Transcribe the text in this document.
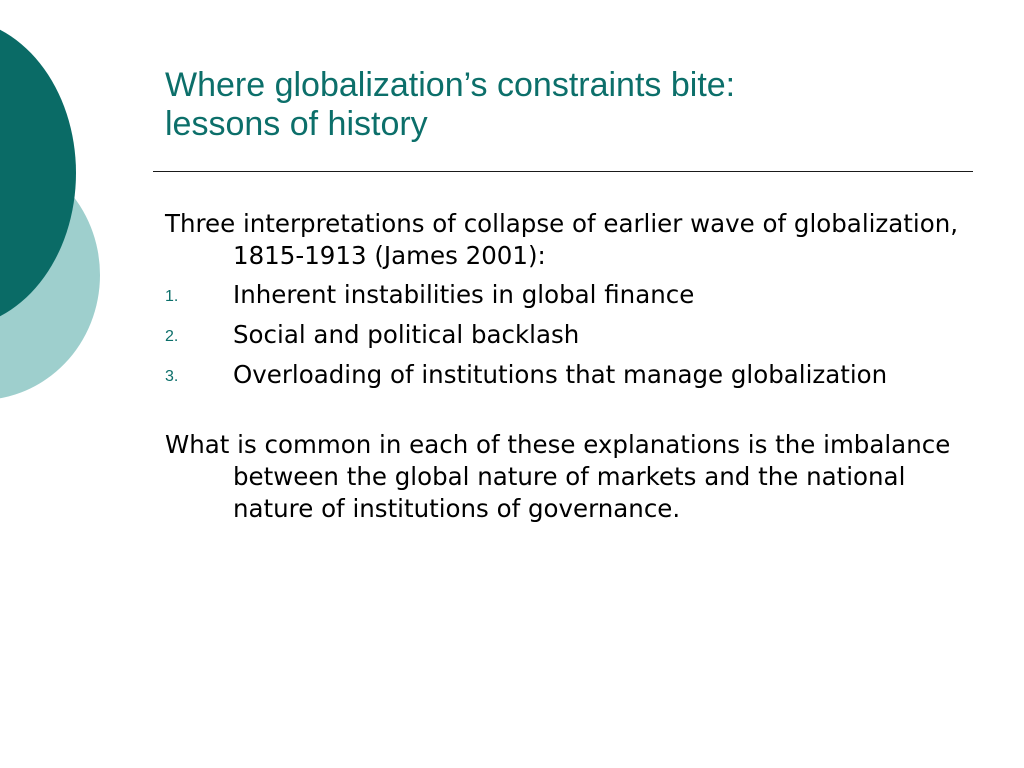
Where globalization’s constraints bite:
lessons of history

Three interpretations of collapse of earlier wave of globalization, 1815-1913 (James 2001):

1. Inherent instabilities in global finance
2. Social and political backlash
3. Overloading of institutions that manage globalization

What is common in each of these explanations is the imbalance between the global nature of markets and the national nature of institutions of governance.
